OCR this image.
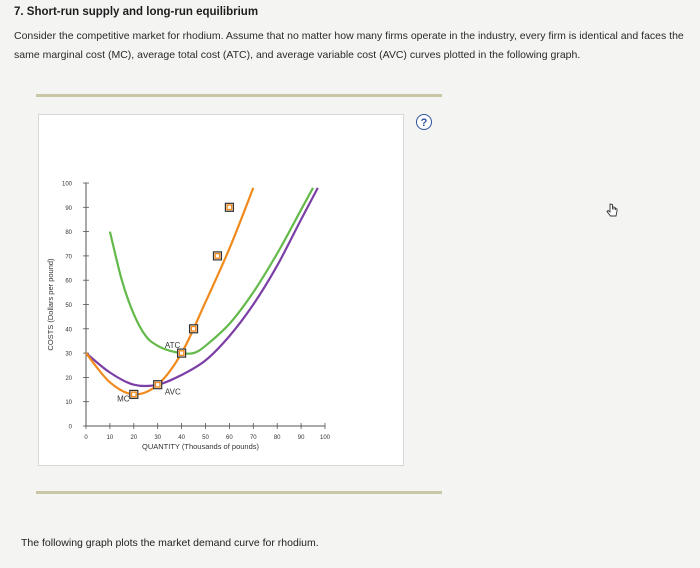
7. Short-run supply and long-run equilibrium
Consider the competitive market for rhodium. Assume that no matter how many firms operate in the industry, every firm is identical and faces the same marginal cost (MC), average total cost (ATC), and average variable cost (AVC) curves plotted in the following graph.
0
10
20
30
40
50
60
70
80
90
100
0	10	20	30	40	50	60	70	80	90	100
QUANTITY (Thousands of pounds)
COSTS (Dollars per pound)
MC
ATC
AVC
?
The following graph plots the market demand curve for rhodium.
